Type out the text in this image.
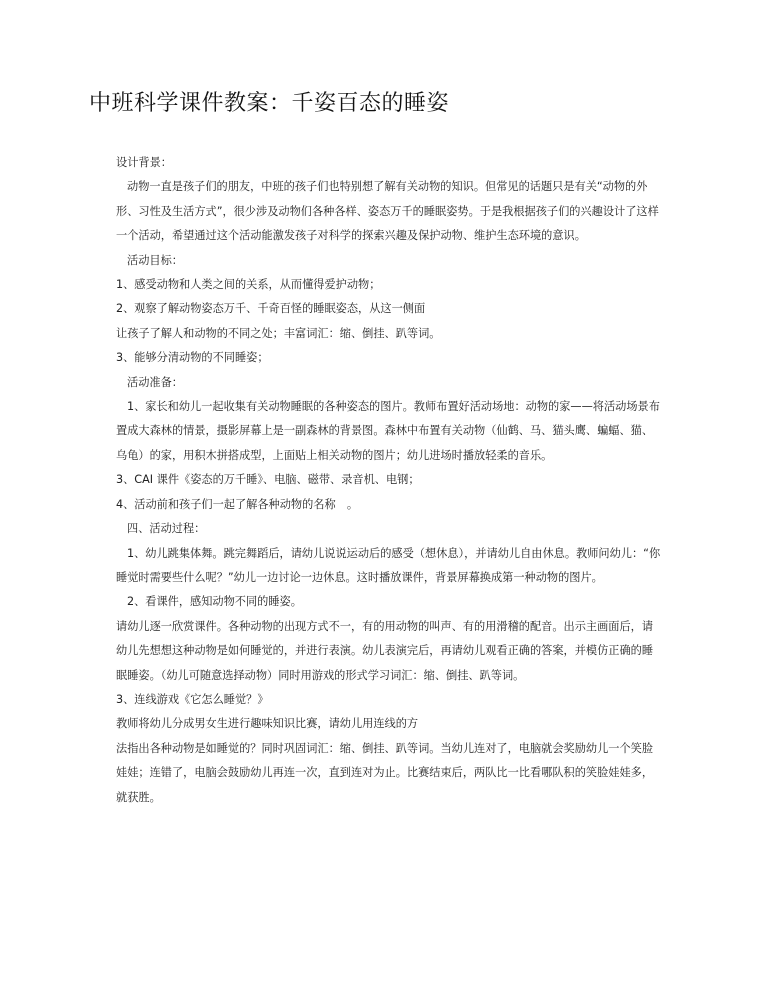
中班科学课件教案：千姿百态的睡姿

设计背景：

动物一直是孩子们的朋友，中班的孩子们也特别想了解有关动物的知识。但常见的话题只是有关“动物的外形、习性及生活方式”，很少涉及动物们各种各样、姿态万千的睡眠姿势。于是我根据孩子们的兴趣设计了这样一个活动，希望通过这个活动能激发孩子对科学的探索兴趣及保护动物、维护生态环境的意识。

活动目标：

1、感受动物和人类之间的关系，从而懂得爱护动物；

2、观察了解动物姿态万千、千奇百怪的睡眠姿态，从这一侧面

让孩子了解人和动物的不同之处；丰富词汇：缩、倒挂、趴等词。

3、能够分清动物的不同睡姿；

活动准备：

1、家长和幼儿一起收集有关动物睡眠的各种姿态的图片。教师布置好活动场地：动物的家——将活动场景布置成大森林的情景，摄影屏幕上是一副森林的背景图。森林中布置有关动物（仙鹤、马、猫头鹰、蝙蝠、猫、乌龟）的家，用积木拼搭成型，上面贴上相关动物的图片；幼儿进场时播放轻柔的音乐。

3、CAI 课件《姿态的万千睡》、电脑、磁带、录音机、电钢；

4、活动前和孩子们一起了解各种动物的名称　。

四、活动过程：

1、幼儿跳集体舞。跳完舞蹈后，请幼儿说说运动后的感受（想休息），并请幼儿自由休息。教师问幼儿：“你睡觉时需要些什么呢？”幼儿一边讨论一边休息。这时播放课件，背景屏幕换成第一种动物的图片。

2、看课件，感知动物不同的睡姿。

请幼儿逐一欣赏课件。各种动物的出现方式不一，有的用动物的叫声、有的用滑稽的配音。出示主画面后，请幼儿先想想这种动物是如何睡觉的，并进行表演。幼儿表演完后，再请幼儿观看正确的答案，并模仿正确的睡眠睡姿。（幼儿可随意选择动物）同时用游戏的形式学习词汇：缩、倒挂、趴等词。

3、连线游戏《它怎么睡觉？》

教师将幼儿分成男女生进行趣味知识比赛，请幼儿用连线的方

法指出各种动物是如睡觉的？同时巩固词汇：缩、倒挂、趴等词。当幼儿连对了，电脑就会奖励幼儿一个笑脸娃娃；连错了，电脑会鼓励幼儿再连一次，直到连对为止。比赛结束后，两队比一比看哪队积的笑脸娃娃多，就获胜。
